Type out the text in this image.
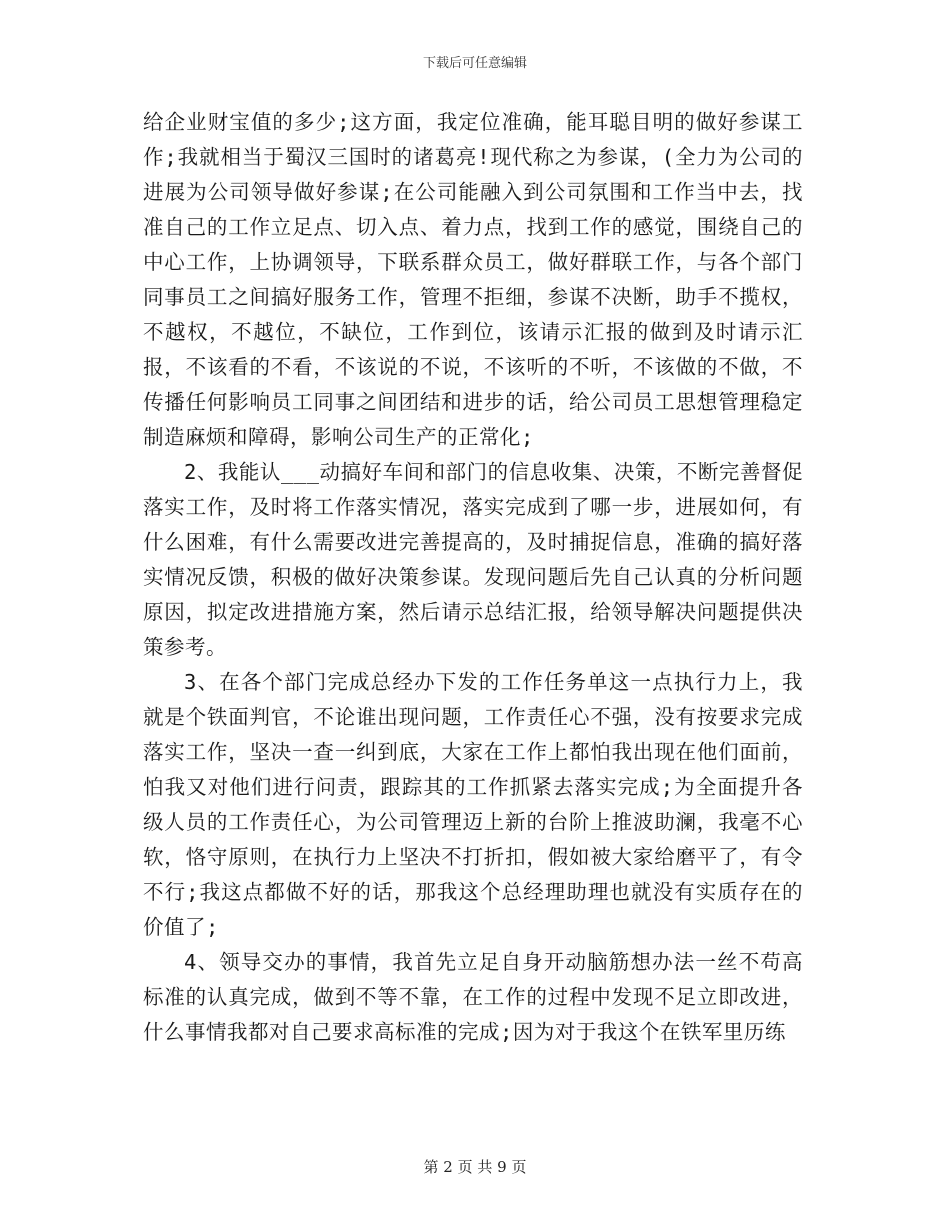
下载后可任意编辑

给企业财宝值的多少;这方面，我定位准确，能耳聪目明的做好参谋工作;我就相当于蜀汉三国时的诸葛亮!现代称之为参谋，(全力为公司的进展为公司领导做好参谋;在公司能融入到公司氛围和工作当中去，找准自己的工作立足点、切入点、着力点，找到工作的感觉，围绕自己的中心工作，上协调领导，下联系群众员工，做好群联工作，与各个部门同事员工之间搞好服务工作，管理不拒细，参谋不决断，助手不揽权，不越权，不越位，不缺位，工作到位，该请示汇报的做到及时请示汇报，不该看的不看，不该说的不说，不该听的不听，不该做的不做，不传播任何影响员工同事之间团结和进步的话，给公司员工思想管理稳定制造麻烦和障碍，影响公司生产的正常化;

2、我能认___动搞好车间和部门的信息收集、决策，不断完善督促落实工作，及时将工作落实情况，落实完成到了哪一步，进展如何，有什么困难，有什么需要改进完善提高的，及时捕捉信息，准确的搞好落实情况反馈，积极的做好决策参谋。发现问题后先自己认真的分析问题原因，拟定改进措施方案，然后请示总结汇报，给领导解决问题提供决策参考。

3、在各个部门完成总经办下发的工作任务单这一点执行力上，我就是个铁面判官，不论谁出现问题，工作责任心不强，没有按要求完成落实工作，坚决一查一纠到底，大家在工作上都怕我出现在他们面前，怕我又对他们进行问责，跟踪其的工作抓紧去落实完成;为全面提升各级人员的工作责任心，为公司管理迈上新的台阶上推波助澜，我毫不心软，恪守原则，在执行力上坚决不打折扣，假如被大家给磨平了，有令不行;我这点都做不好的话，那我这个总经理助理也就没有实质存在的价值了;

4、领导交办的事情，我首先立足自身开动脑筋想办法一丝不苟高标准的认真完成，做到不等不靠，在工作的过程中发现不足立即改进，什么事情我都对自己要求高标准的完成;因为对于我这个在铁军里历练

第 2 页 共 9 页
